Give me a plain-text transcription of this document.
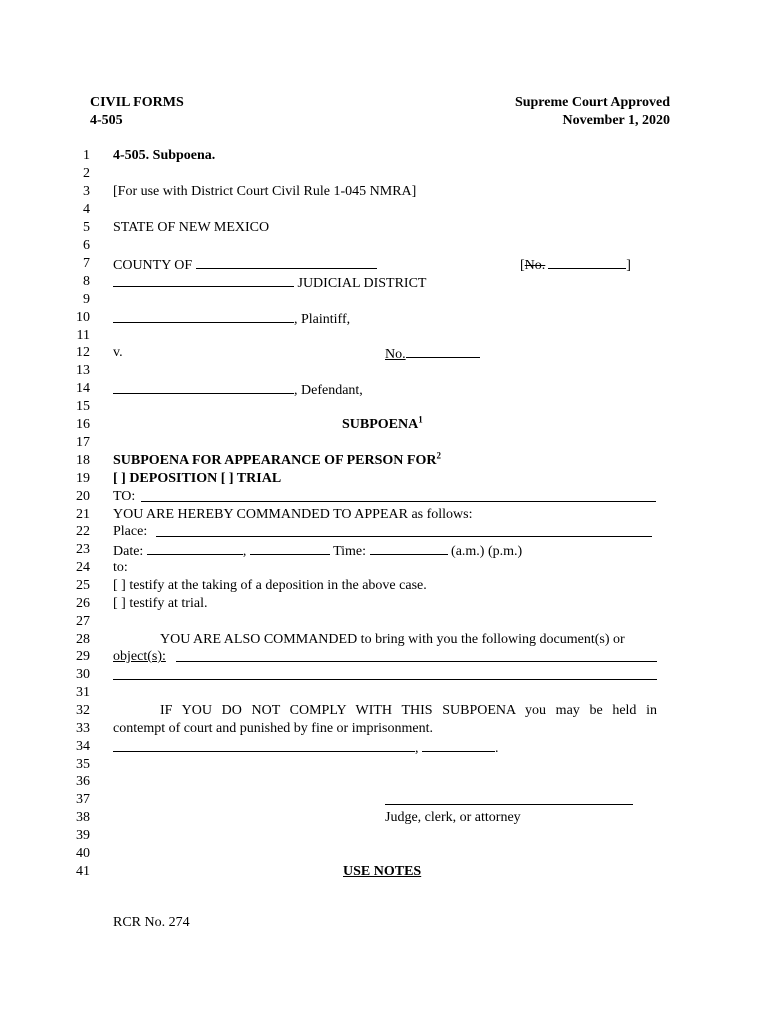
CIVIL FORMS
4-505
Supreme Court Approved
November 1, 2020
1
2
3
4
5
6
7
8
9
10
11
12
13
14
15
16
17
18
19
20
21
22
23
24
25
26
27
28
29
30
31
32
33
34
35
36
37
38
39
40
41
4-505. Subpoena.
[For use with District Court Civil Rule 1-045 NMRA]
STATE OF NEW MEXICO
COUNTY OF	[No.	]
JUDICIAL DISTRICT
, Plaintiff,
v.	No.
, Defendant,
SUBPOENA$^1$
SUBPOENA FOR APPEARANCE OF PERSON FOR$^2$
[ ] DEPOSITION [ ] TRIAL
TO:
YOU ARE HEREBY COMMANDED TO APPEAR as follows:
Place:
Date:	,	Time:	(a.m.) (p.m.)
to:
[ ] testify at the taking of a deposition in the above case.
[ ] testify at trial.
YOU ARE ALSO COMMANDED to bring with you the following document(s) or
object(s):
IF YOU DO NOT COMPLY WITH THIS SUBPOENA you may be held in
contempt of court and punished by fine or imprisonment.
,	.
Judge, clerk, or attorney
USE NOTES
RCR No. 274
